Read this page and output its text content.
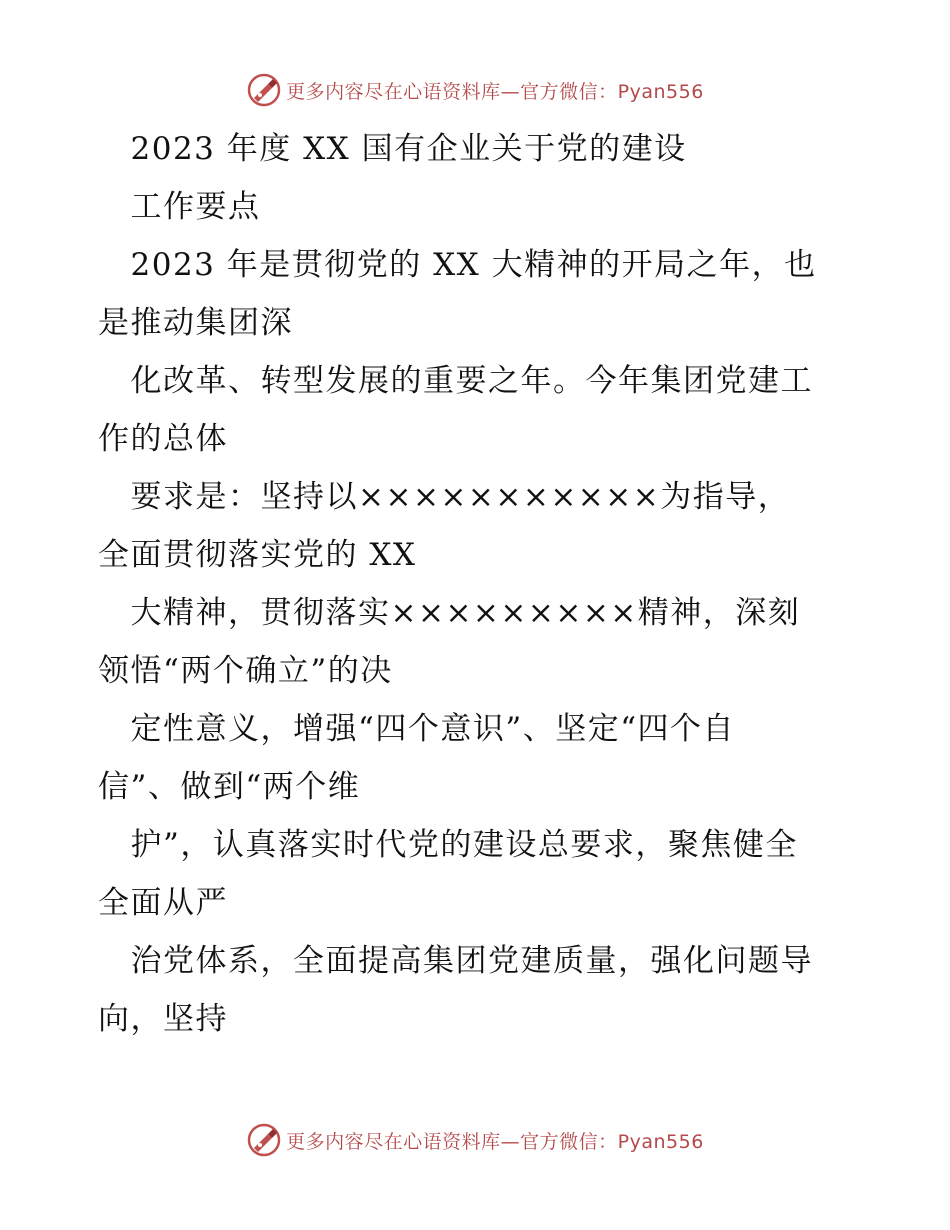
更多内容尽在心语资料库—官方微信：Pyan556

　2023 年度 XX 国有企业关于党的建设

　工作要点

　2023 年是贯彻党的 XX 大精神的开局之年，也

是推动集团深

　化改革、转型发展的重要之年。今年集团党建工

作的总体

　要求是：坚持以×××××××××××为指导，

全面贯彻落实党的 XX

　大精神，贯彻落实×××××××××精神，深刻

领悟“两个确立”的决

　定性意义，增强“四个意识”、坚定“四个自

信”、做到“两个维

　护”，认真落实时代党的建设总要求，聚焦健全

全面从严

　治党体系，全面提高集团党建质量，强化问题导

向，坚持

更多内容尽在心语资料库—官方微信：Pyan556
